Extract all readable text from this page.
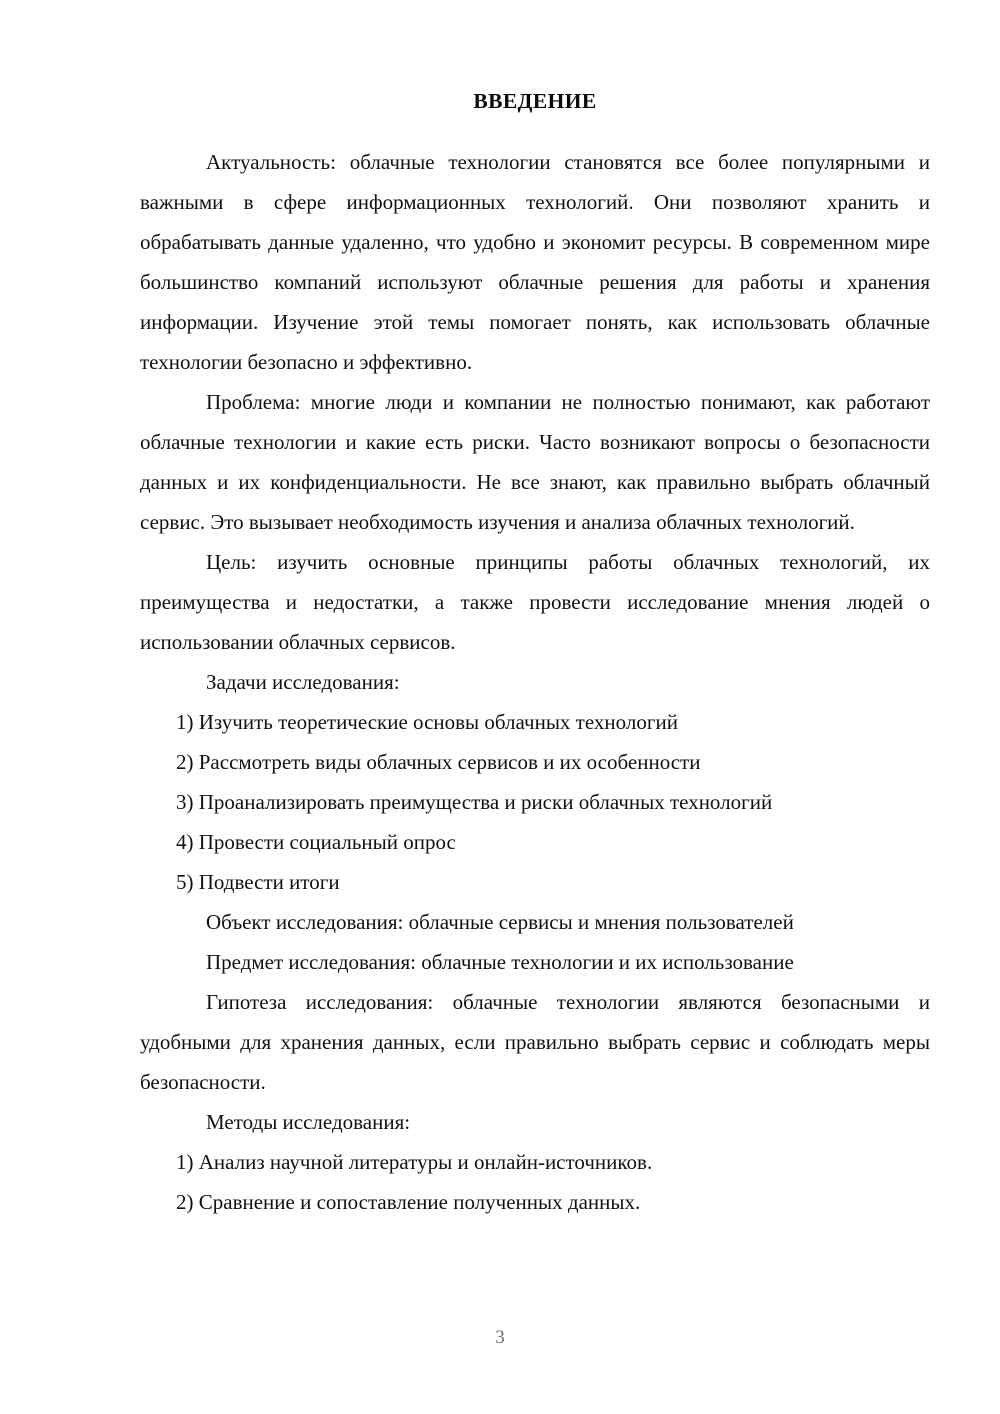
ВВЕДЕНИЕ

Актуальность: облачные технологии становятся все более популярными и важными в сфере информационных технологий. Они позволяют хранить и обрабатывать данные удаленно, что удобно и экономит ресурсы. В современном мире большинство компаний используют облачные решения для работы и хранения информации. Изучение этой темы помогает понять, как использовать облачные технологии безопасно и эффективно.

Проблема: многие люди и компании не полностью понимают, как работают облачные технологии и какие есть риски. Часто возникают вопросы о безопасности данных и их конфиденциальности. Не все знают, как правильно выбрать облачный сервис. Это вызывает необходимость изучения и анализа облачных технологий.

Цель: изучить основные принципы работы облачных технологий, их преимущества и недостатки, а также провести исследование мнения людей о использовании облачных сервисов.

Задачи исследования:
1) Изучить теоретические основы облачных технологий
2) Рассмотреть виды облачных сервисов и их особенности
3) Проанализировать преимущества и риски облачных технологий
4) Провести социальный опрос
5) Подвести итоги
Объект исследования: облачные сервисы и мнения пользователей
Предмет исследования: облачные технологии и их использование

Гипотеза исследования: облачные технологии являются безопасными и удобными для хранения данных, если правильно выбрать сервис и соблюдать меры безопасности.

Методы исследования:
1) Анализ научной литературы и онлайн-источников.
2) Сравнение и сопоставление полученных данных.
3
